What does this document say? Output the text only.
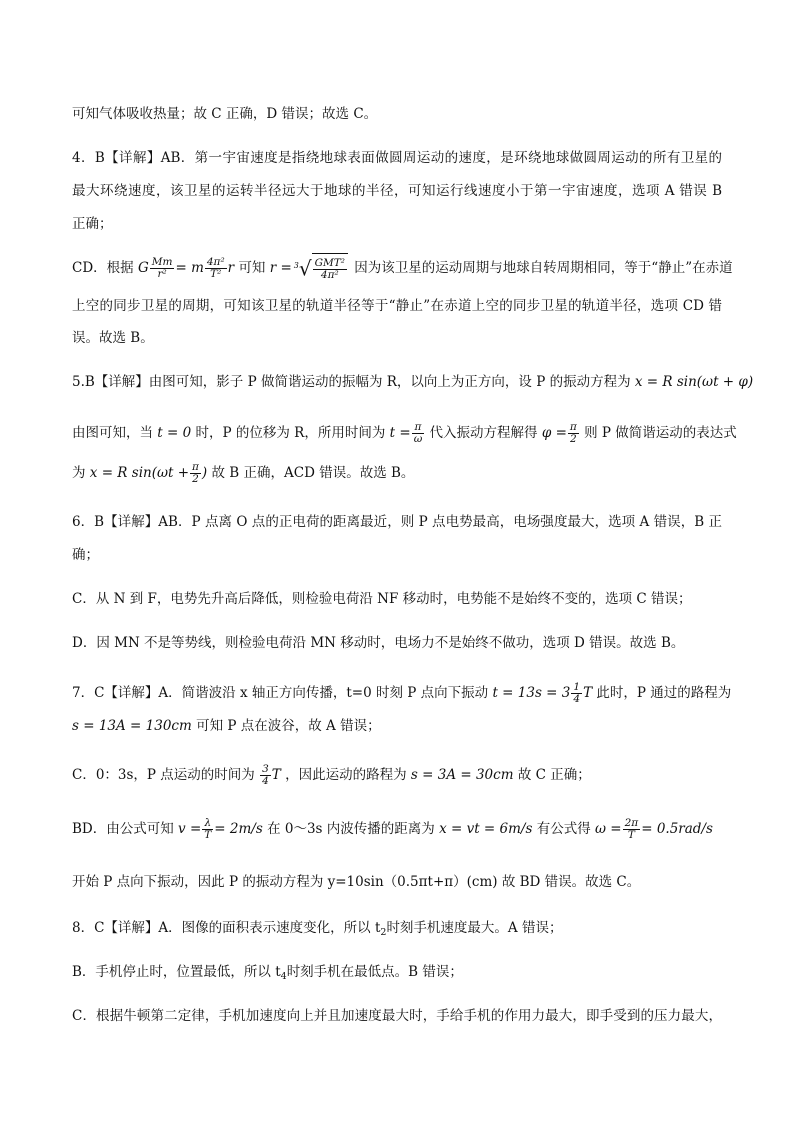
可知气体吸收热量；故 C 正确，D 错误；故选 C。
4．B【详解】AB．第一宇宙速度是指绕地球表面做圆周运动的速度，是环绕地球做圆周运动的所有卫星的
最大环绕速度，该卫星的运转半径远大于地球的半径，可知运行线速度小于第一宇宙速度，选项 A 错误 B
正确；
CD．根据 G $\frac{Mm}{\text{r²}} = m \frac{\text{4π²}}{\text{T²}}$ r 可知 $r = ^3√ \frac{\text{GMT²}}{\text{4π²}}$ 因为该卫星的运动周期与地球自转周期相同，等于“静止”在赤道
上空的同步卫星的周期，可知该卫星的轨道半径等于“静止”在赤道上空的同步卫星的轨道半径，选项 CD 错
误。故选 B。
5.B【详解】由图可知，影子 P 做简谐运动的振幅为 R，以向上为正方向，设 P 的振动方程为 x = R sin(ωt + φ)
由图可知，当 t = 0 时，P 的位移为 R，所用时间为 $t = \frac{\pi}{\omega}$ 代入振动方程解得 $\varphi = \frac{\pi}{2}$ 则 P 做简谐运动的表达式
为 x = R $\sin(\omega t + \frac{\pi}{2}$ ) 故 B 正确，ACD 错误。故选 B。
6．B【详解】AB．P 点离 O 点的正电荷的距离最近，则 P 点电势最高，电场强度最大，选项 A 错误，B 正
确；
C．从 N 到 F，电势先升高后降低，则检验电荷沿 NF 移动时，电势能不是始终不变的，选项 C 错误；
D．因 MN 不是等势线，则检验电荷沿 MN 移动时，电场力不是始终不做功，选项 D 错误。故选 B。
7．C【详解】A．简谐波沿 x 轴正方向传播，t=0 时刻 P 点向下振动 $t = 13s = 3 \frac{1}{4}$ T 此时，P 通过的路程为
s = 13A = 130cm 可知 P 点在波谷，故 A 错误；
C．0：3s，P 点运动的时间为 $\frac{3}{4}$ T ，因此运动的路程为 s = 3A = 30cm 故 C 正确；
BD．由公式可知 $v = \frac{\lambda}{T} = 2m/s$ 在 0～3s 内波传播的距离为 x = vt = 6m/s 有公式得 $\omega = \frac{2\pi}{T} = 0.5rad/s$
开始 P 点向下振动，因此 P 的振动方程为 y=10sin（0.5πt+π）(cm) 故 BD 错误。故选 C。
8．C【详解】A．图像的面积表示速度变化，所以 $t_2$时刻手机速度最大。A 错误；
B．手机停止时，位置最低，所以 $t_4$时刻手机在最低点。B 错误；
C．根据牛顿第二定律，手机加速度向上并且加速度最大时，手给手机的作用力最大，即手受到的压力最大，
